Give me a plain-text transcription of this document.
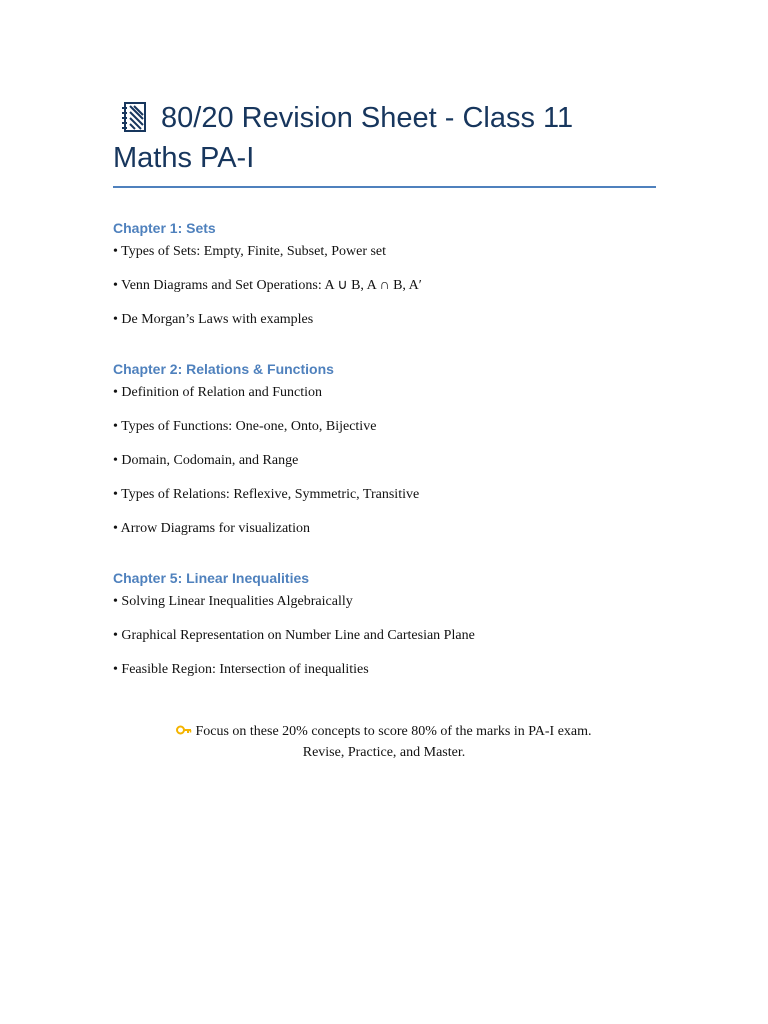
80/20 Revision Sheet - Class 11 Maths PA-I
Chapter 1: Sets

• Types of Sets: Empty, Finite, Subset, Power set

• Venn Diagrams and Set Operations: A ∪ B, A ∩ B, A′

• De Morgan’s Laws with examples

Chapter 2: Relations & Functions

• Definition of Relation and Function

• Types of Functions: One-one, Onto, Bijective

• Domain, Codomain, and Range

• Types of Relations: Reflexive, Symmetric, Transitive

• Arrow Diagrams for visualization

Chapter 5: Linear Inequalities

• Solving Linear Inequalities Algebraically

• Graphical Representation on Number Line and Cartesian Plane

• Feasible Region: Intersection of inequalities

Focus on these 20% concepts to score 80% of the marks in PA-I exam.
Revise, Practice, and Master.
